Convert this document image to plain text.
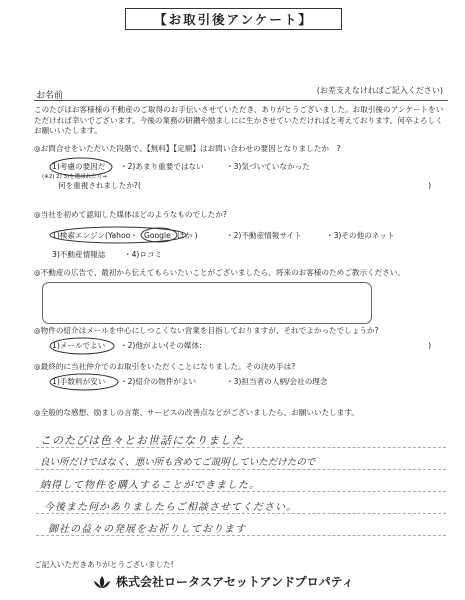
【お取引後アンケート】
お名前
(お差支えなければご記入ください)
このたびはお客様様の不動産のご取得のお手伝いさせていただき、ありがとうございました。お取引後のアンケートをいただければ幸いでございます。今後の業務の研鑽や励ましにに生かさせていただければと考えております。何卒よろしくお願いいたします。
◎お問合せをいただいた段階で、【無料】【定額】はお問い合わせの要因となりましたか　?
1)考慮の要因だ ・2)あまり重要ではない	・3)気づいていなかった
(※2) 2) 3)を選ばれた方→
何を重視されましたか?(	)
◎当社を初めて認知した媒体はどのようなものでしたか?
1)検索エンジン(Yahoo・ Google ほか )	・2)不動産情報サイト	・3)その他のネット
3)不動産情報誌 ・4)ロコミ
◎不動産の広告で、最初から伝えてもらいたいことがございましたら、将来のお客様のためご教示ください。
◎物件の紹介はメールを中心にしつこくない営業を目指しておりますが、それでよかったでしょうか?
1)メールでよい ・2)他がよい(その媒体:	)
◎最終的に当社仲介でのお取引をいただくことになりました。その決め手は?
1)手数料が安い ・2)紹介の物件がよい	・3)担当者の人柄/会社の理念
◎全般的な感想、励ましの言葉、サービスの改善点などがございましたら、お願いいたします。
このたびは色々とお世話になりました
良い所だけではなく、悪い所も含めてご説明していただけたので
納得して物件を購入することができました。
今後また何かありましたらご相談させてください。
御社の益々の発展をお祈りしております
ご記入いただきありがとうございました!
株式会社ロータスアセットアンドプロパティ
